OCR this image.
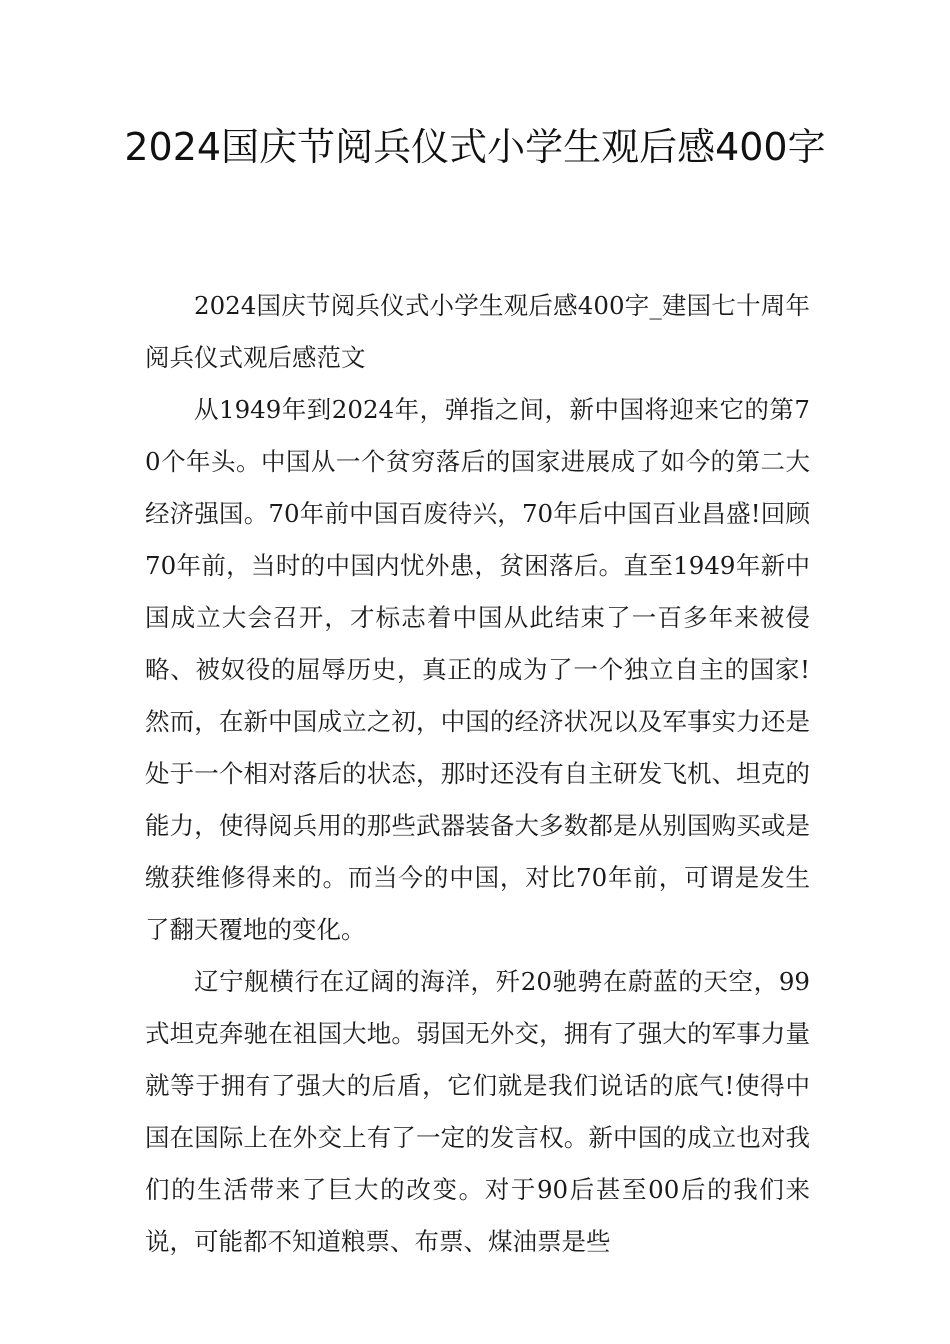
2024国庆节阅兵仪式小学生观后感400字

2024国庆节阅兵仪式小学生观后感400字_建国七十周年阅兵仪式观后感范文

从1949年到2024年，弹指之间，新中国将迎来它的第70个年头。中国从一个贫穷落后的国家进展成了如今的第二大经济强国。70年前中国百废待兴，70年后中国百业昌盛!回顾70年前，当时的中国内忧外患，贫困落后。直至1949年新中国成立大会召开，才标志着中国从此结束了一百多年来被侵略、被奴役的屈辱历史，真正的成为了一个独立自主的国家!然而，在新中国成立之初，中国的经济状况以及军事实力还是处于一个相对落后的状态，那时还没有自主研发飞机、坦克的能力，使得阅兵用的那些武器装备大多数都是从别国购买或是缴获维修得来的。而当今的中国，对比70年前，可谓是发生了翻天覆地的变化。

辽宁舰横行在辽阔的海洋，歼20驰骋在蔚蓝的天空，99式坦克奔驰在祖国大地。弱国无外交，拥有了强大的军事力量就等于拥有了强大的后盾，它们就是我们说话的底气!使得中国在国际上在外交上有了一定的发言权。新中国的成立也对我们的生活带来了巨大的改变。对于90后甚至00后的我们来说，可能都不知道粮票、布票、煤油票是些
